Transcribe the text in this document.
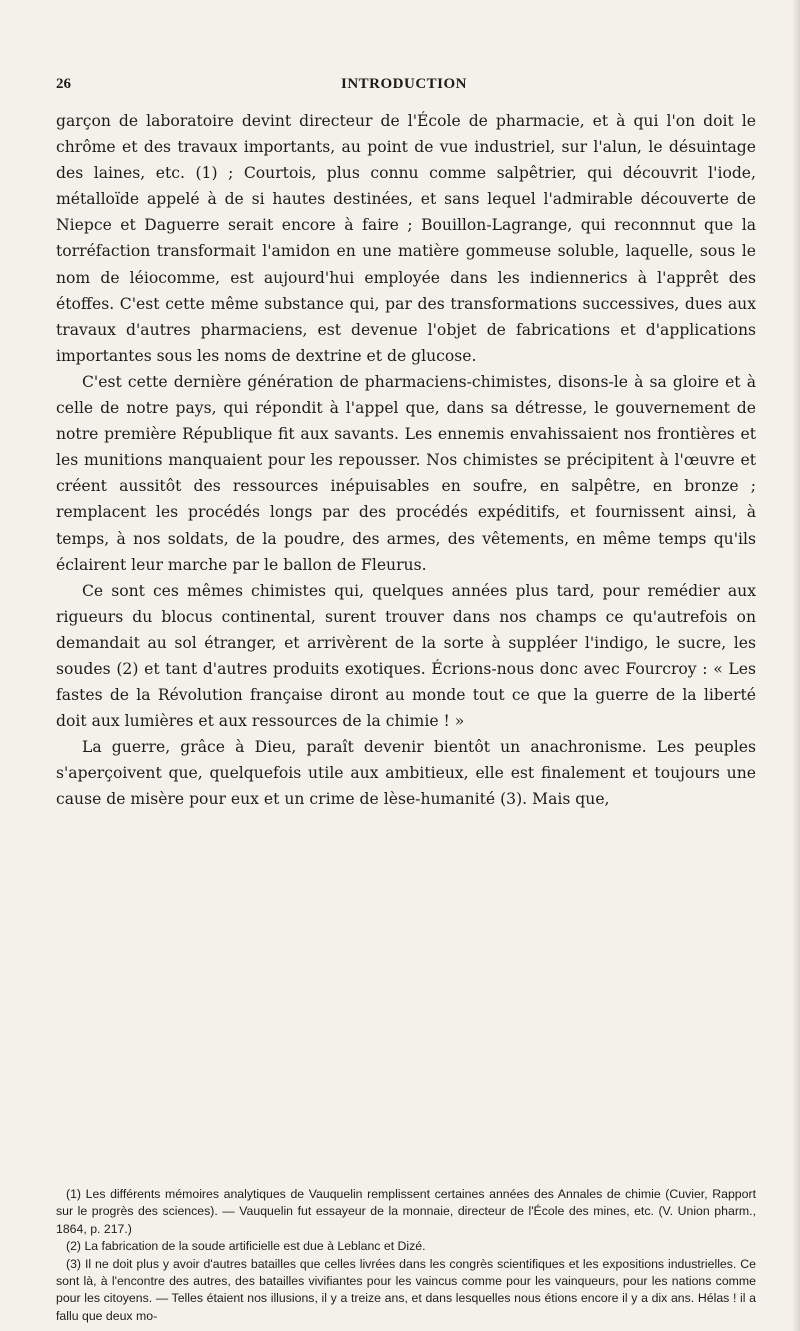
26	INTRODUCTION

garçon de laboratoire devint directeur de l'École de pharmacie, et à qui l'on doit le chrôme et des travaux importants, au point de vue industriel, sur l'alun, le désuintage des laines, etc. (1) ; Courtois, plus connu comme salpêtrier, qui découvrit l'iode, métalloïde appelé à de si hautes destinées, et sans lequel l'admirable découverte de Niepce et Daguerre serait encore à faire ; Bouillon-Lagrange, qui reconnnut que la torréfaction transformait l'amidon en une matière gommeuse soluble, laquelle, sous le nom de léiocomme, est aujourd'hui employée dans les indiennerics à l'apprêt des étoffes. C'est cette même substance qui, par des transformations successives, dues aux travaux d'autres pharmaciens, est devenue l'objet de fabrications et d'applications importantes sous les noms de dextrine et de glucose.

C'est cette dernière génération de pharmaciens-chimistes, disons-le à sa gloire et à celle de notre pays, qui répondit à l'appel que, dans sa détresse, le gouvernement de notre première République fit aux savants. Les ennemis envahissaient nos frontières et les munitions manquaient pour les repousser. Nos chimistes se précipitent à l'œuvre et créent aussitôt des ressources inépuisables en soufre, en salpêtre, en bronze ; remplacent les procédés longs par des procédés expéditifs, et fournissent ainsi, à temps, à nos soldats, de la poudre, des armes, des vêtements, en même temps qu'ils éclairent leur marche par le ballon de Fleurus.

Ce sont ces mêmes chimistes qui, quelques années plus tard, pour remédier aux rigueurs du blocus continental, surent trouver dans nos champs ce qu'autrefois on demandait au sol étranger, et arrivèrent de la sorte à suppléer l'indigo, le sucre, les soudes (2) et tant d'autres produits exotiques. Écrions-nous donc avec Fourcroy : « Les fastes de la Révolution française diront au monde tout ce que la guerre de la liberté doit aux lumières et aux ressources de la chimie ! »

La guerre, grâce à Dieu, paraît devenir bientôt un anachronisme. Les peuples s'aperçoivent que, quelquefois utile aux ambitieux, elle est finalement et toujours une cause de misère pour eux et un crime de lèse-humanité (3). Mais que,

(1) Les différents mémoires analytiques de Vauquelin remplissent certaines années des Annales de chimie (Cuvier, Rapport sur le progrès des sciences). — Vauquelin fut essayeur de la monnaie, directeur de l'École des mines, etc. (V. Union pharm., 1864, p. 217.)

(2) La fabrication de la soude artificielle est due à Leblanc et Dizé.

(3) Il ne doit plus y avoir d'autres batailles que celles livrées dans les congrès scientifiques et les expositions industrielles. Ce sont là, à l'encontre des autres, des batailles vivifiantes pour les vaincus comme pour les vainqueurs, pour les nations comme pour les citoyens. — Telles étaient nos illusions, il y a treize ans, et dans lesquelles nous étions encore il y a dix ans. Hélas ! il a fallu que deux mo-
